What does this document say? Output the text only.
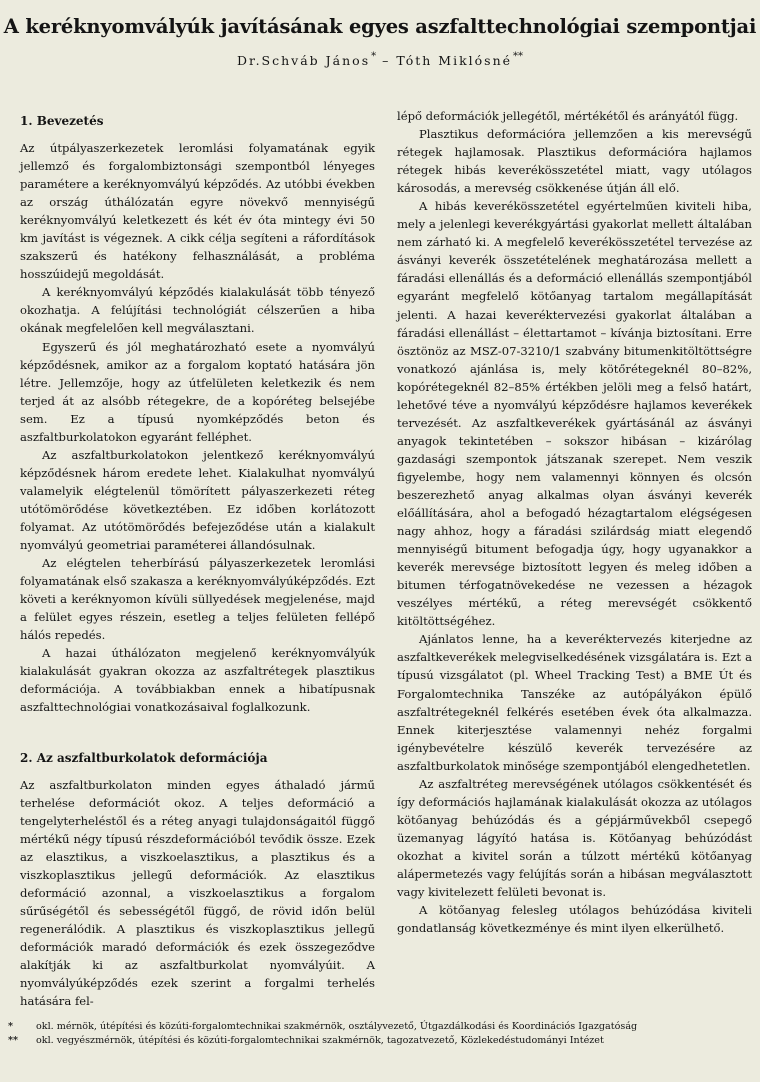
A keréknyomvályúk javításának egyes aszfalttechnológiai szempontjai
Dr.Schváb János* – Tóth Miklósné**
1. Bevezetés

Az útpályaszerkezetek leromlási folyamatának egyik jellemző és forgalombiztonsági szempontból lényeges paramétere a keréknyomvályú képződés. Az utóbbi években az ország úthálózatán egyre növekvő mennyiségű keréknyomvályú keletkezett és két év óta mintegy évi 50 km javítást is végeznek. A cikk célja segíteni a ráfordítások szakszerű és hatékony felhasználását, a probléma hosszúidejű megoldását.

A keréknyomvályú képződés kialakulását több tényező okozhatja. A felújítási technológiát célszerűen a hiba okának megfelelően kell megválasztani.

Egyszerű és jól meghatározható esete a nyomvályú képződésnek, amikor az a forgalom koptató hatására jön létre. Jellemzője, hogy az útfelületen keletkezik és nem terjed át az alsóbb rétegekre, de a kopóréteg belsejébe sem. Ez a típusú nyomképződés beton és aszfaltburkolatokon egyaránt felléphet.

Az aszfaltburkolatokon jelentkező keréknyomvályú képződésnek három eredete lehet. Kialakulhat nyomvályú valamelyik elégtelenül tömörített pályaszerkezeti réteg utótömörődése következtében. Ez időben korlátozott folyamat. Az utótömörődés befejeződése után a kialakult nyomvályú geometriai paraméterei állandósulnak.

Az elégtelen teherbírású pályaszerkezetek leromlási folyamatának első szakasza a keréknyomvályúképződés. Ezt követi a keréknyomon kívüli süllyedések megjelenése, majd a felület egyes részein, esetleg a teljes felületen fellépő hálós repedés.

A hazai úthálózaton megjelenő keréknyomvályúk kialakulását gyakran okozza az aszfaltrétegek plasztikus deformációja. A továbbiakban ennek a hibatípusnak aszfalttechnológiai vonatkozásaival foglalkozunk.

2. Az aszfaltburkolatok deformációja

Az aszfaltburkolaton minden egyes áthaladó jármű terhelése deformációt okoz. A teljes deformáció a tengelyterheléstől és a réteg anyagi tulajdonságaitól függő mértékű négy típusú részdeformációból tevődik össze. Ezek az elasztikus, a viszkoelasztikus, a plasztikus és a viszkoplasztikus jellegű deformációk. Az elasztikus deformáció azonnal, a viszkoelasztikus a forgalom sűrűségétől és sebességétől függő, de rövid időn belül regenerálódik. A plasztikus és viszkoplasztikus jellegű deformációk maradó deformációk és ezek összegeződve alakítják ki az aszfaltburkolat nyomvályúit. A nyomvályúképződés ezek szerint a forgalmi terhelés hatására fel-

lépő deformációk jellegétől, mértékétől és arányától függ.

Plasztikus deformációra jellemzően a kis merevségű rétegek hajlamosak. Plasztikus deformációra hajlamos rétegek hibás keverékösszetétel miatt, vagy utólagos károsodás, a merevség csökkenése útján áll elő.

A hibás keverékösszetétel egyértelműen kiviteli hiba, mely a jelenlegi keverékgyártási gyakorlat mellett általában nem zárható ki. A megfelelő keverékösszetétel tervezése az ásványi keverék összetételének meghatározása mellett a fáradási ellenállás és a deformáció ellenállás szempontjából egyaránt megfelelő kötőanyag tartalom megállapítását jelenti. A hazai keveréktervezési gyakorlat általában a fáradási ellenállást – élettartamot – kívánja biztosítani. Erre ösztönöz az MSZ-07-3210/1 szabvány bitumenkitöltöttségre vonatkozó ajánlása is, mely kötőrétegeknél 80–82%, kopórétegeknél 82–85% értékben jelöli meg a felső határt, lehetővé téve a nyomvályú képződésre hajlamos keverékek tervezését. Az aszfaltkeverékek gyártásánál az ásványi anyagok tekintetében – sokszor hibásan – kizárólag gazdasági szempontok játszanak szerepet. Nem veszik figyelembe, hogy nem valamennyi könnyen és olcsón beszerezhető anyag alkalmas olyan ásványi keverék előállítására, ahol a befogadó hézagtartalom elégségesen nagy ahhoz, hogy a fáradási szilárdság miatt elegendő mennyiségű bitument befogadja úgy, hogy ugyanakkor a keverék merevsége biztosított legyen és meleg időben a bitumen térfogatnövekedése ne vezessen a hézagok veszélyes mértékű, a réteg merevségét csökkentő kitöltöttségéhez.

Ajánlatos lenne, ha a keveréktervezés kiterjedne az aszfaltkeverékek melegviselkedésének vizsgálatára is. Ezt a típusú vizsgálatot (pl. Wheel Tracking Test) a BME Út és Forgalomtechnika Tanszéke az autópályákon épülő aszfaltrétegeknél felkérés esetében évek óta alkalmazza. Ennek kiterjesztése valamennyi nehéz forgalmi igénybevételre készülő keverék tervezésére az aszfaltburkolatok minősége szempontjából elengedhetetlen.

Az aszfaltréteg merevségének utólagos csökkentését és így deformációs hajlamának kialakulását okozza az utólagos kötőanyag behúzódás és a gépjárművekből csepegő üzemanyag lágyító hatása is. Kötőanyag behúzódást okozhat a kivitel során a túlzott mértékű kötőanyag alápermetezés vagy felújítás során a hibásan megválasztott vagy kivitelezett felületi bevonat is.

A kötőanyag felesleg utólagos behúzódása kiviteli gondatlanság következménye és mint ilyen elkerülhető.

* okl. mérnök, útépítési és közúti-forgalomtechnikai szakmérnök, osztályvezető, Útgazdálkodási és Koordinációs Igazgatóság
** okl. vegyészmérnök, útépítési és közúti-forgalomtechnikai szakmérnök, tagozatvezető, Közlekedéstudományi Intézet
